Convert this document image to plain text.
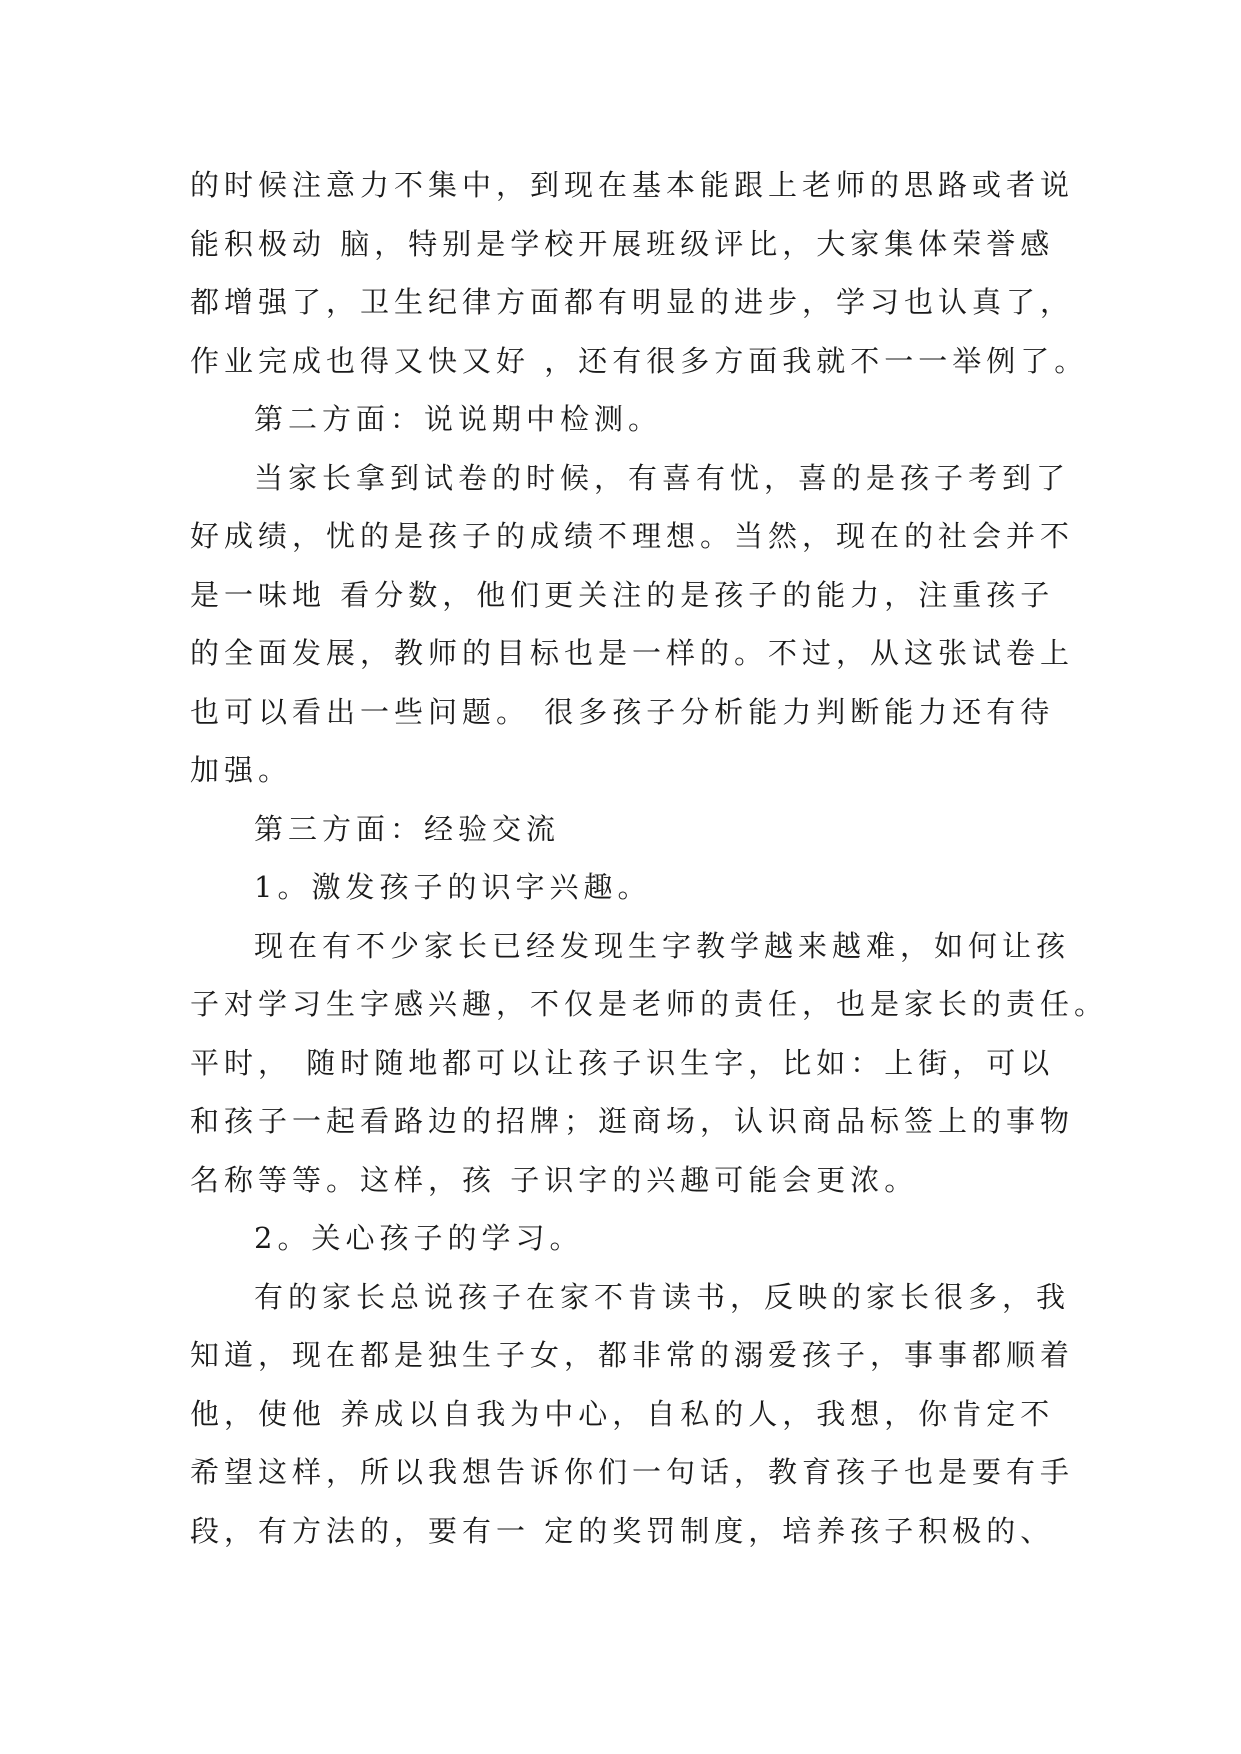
的时候注意力不集中，到现在基本能跟上老师的思路或者说
能积极动 脑，特别是学校开展班级评比，大家集体荣誉感
都增强了，卫生纪律方面都有明显的进步，学习也认真了，
作业完成也得又快又好 ，还有很多方面我就不一一举例了。
第二方面：说说期中检测。
当家长拿到试卷的时候，有喜有忧，喜的是孩子考到了
好成绩，忧的是孩子的成绩不理想。当然，现在的社会并不
是一味地 看分数，他们更关注的是孩子的能力，注重孩子
的全面发展，教师的目标也是一样的。不过，从这张试卷上
也可以看出一些问题。 很多孩子分析能力判断能力还有待
加强。
第三方面：经验交流
1。激发孩子的识字兴趣。
现在有不少家长已经发现生字教学越来越难，如何让孩
子对学习生字感兴趣，不仅是老师的责任，也是家长的责任。
平时， 随时随地都可以让孩子识生字，比如：上街，可以
和孩子一起看路边的招牌；逛商场，认识商品标签上的事物
名称等等。这样，孩 子识字的兴趣可能会更浓。
2。关心孩子的学习。
有的家长总说孩子在家不肯读书，反映的家长很多，我
知道，现在都是独生子女，都非常的溺爱孩子，事事都顺着
他，使他 养成以自我为中心，自私的人，我想，你肯定不
希望这样，所以我想告诉你们一句话，教育孩子也是要有手
段，有方法的，要有一 定的奖罚制度，培养孩子积极的、
